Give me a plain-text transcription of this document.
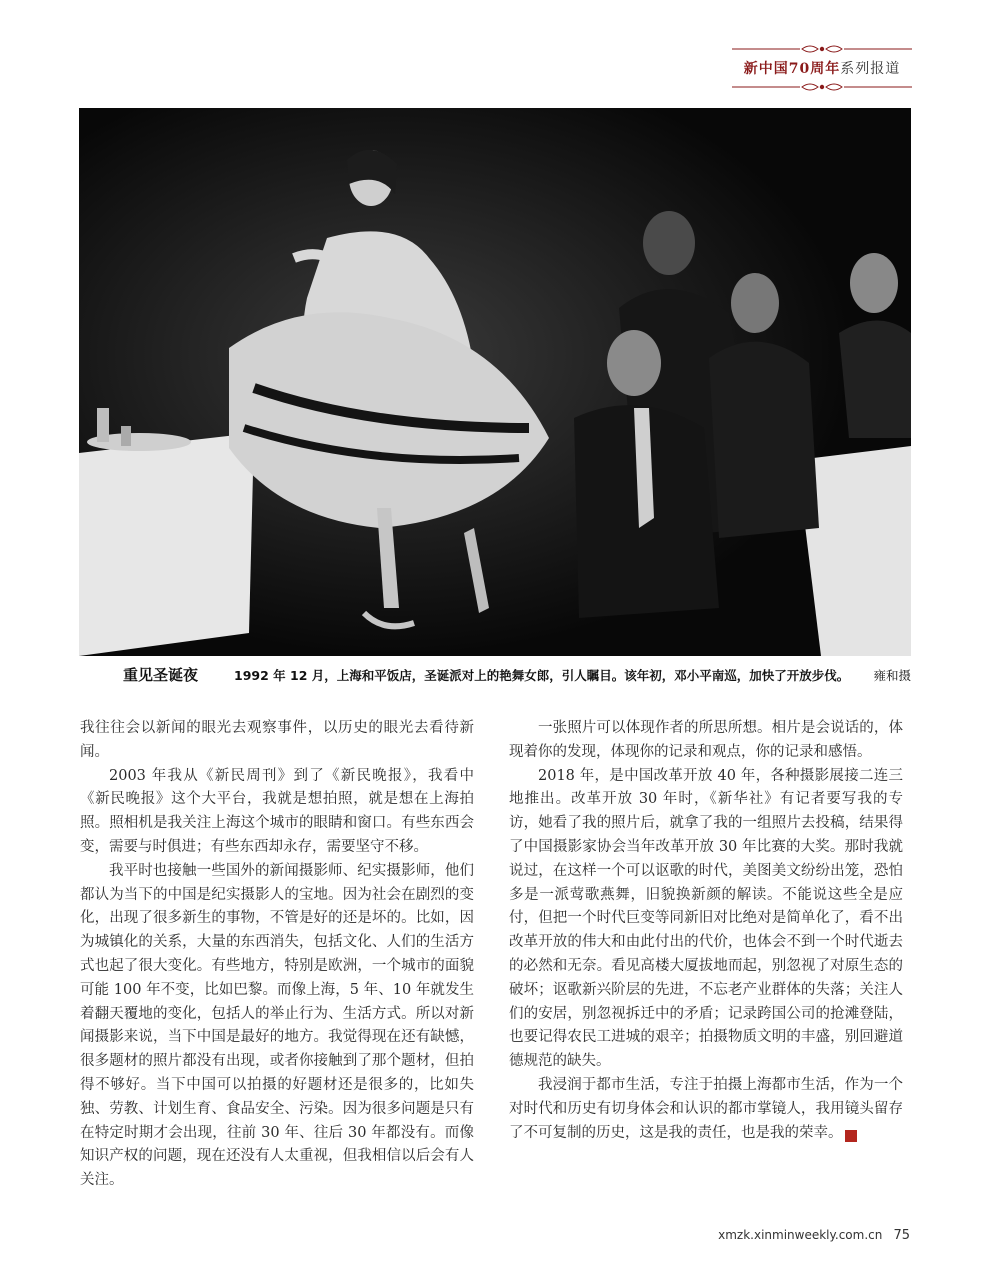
新中国70周年系列报道
重见圣诞夜	1992 年 12 月，上海和平饭店，圣诞派对上的艳舞女郎，引人瞩目。该年初，邓小平南巡，加快了开放步伐。 雍和摄

我往往会以新闻的眼光去观察事件，以历史的眼光去看待新闻。

2003 年我从《新民周刊》到了《新民晚报》，我看中《新民晚报》这个大平台，我就是想拍照，就是想在上海拍照。照相机是我关注上海这个城市的眼睛和窗口。有些东西会变，需要与时俱进；有些东西却永存，需要坚守不移。

我平时也接触一些国外的新闻摄影师、纪实摄影师，他们都认为当下的中国是纪实摄影人的宝地。因为社会在剧烈的变化，出现了很多新生的事物，不管是好的还是坏的。比如，因为城镇化的关系，大量的东西消失，包括文化、人们的生活方式也起了很大变化。有些地方，特别是欧洲，一个城市的面貌可能 100 年不变，比如巴黎。而像上海，5 年、10 年就发生着翻天覆地的变化，包括人的举止行为、生活方式。所以对新闻摄影来说，当下中国是最好的地方。我觉得现在还有缺憾，很多题材的照片都没有出现，或者你接触到了那个题材，但拍得不够好。当下中国可以拍摄的好题材还是很多的，比如失独、劳教、计划生育、食品安全、污染。因为很多问题是只有在特定时期才会出现，往前 30 年、往后 30 年都没有。而像知识产权的问题，现在还没有人太重视，但我相信以后会有人关注。

一张照片可以体现作者的所思所想。相片是会说话的，体现着你的发现，体现你的记录和观点，你的记录和感悟。

2018 年，是中国改革开放 40 年，各种摄影展接二连三地推出。改革开放 30 年时，《新华社》有记者要写我的专访，她看了我的照片后，就拿了我的一组照片去投稿，结果得了中国摄影家协会当年改革开放 30 年比赛的大奖。那时我就说过，在这样一个可以讴歌的时代，美图美文纷纷出笼，恐怕多是一派莺歌燕舞，旧貌换新颜的解读。不能说这些全是应付，但把一个时代巨变等同新旧对比绝对是简单化了，看不出改革开放的伟大和由此付出的代价，也体会不到一个时代逝去的必然和无奈。看见高楼大厦拔地而起，别忽视了对原生态的破坏；讴歌新兴阶层的先进，不忘老产业群体的失落；关注人们的安居，别忽视拆迁中的矛盾；记录跨国公司的抢滩登陆，也要记得农民工进城的艰辛；拍摄物质文明的丰盛，别回避道德规范的缺失。

我浸润于都市生活，专注于拍摄上海都市生活，作为一个对时代和历史有切身体会和认识的都市掌镜人，我用镜头留存了不可复制的历史，这是我的责任，也是我的荣幸。	民

xmzk.xinminweekly.com.cn 75
